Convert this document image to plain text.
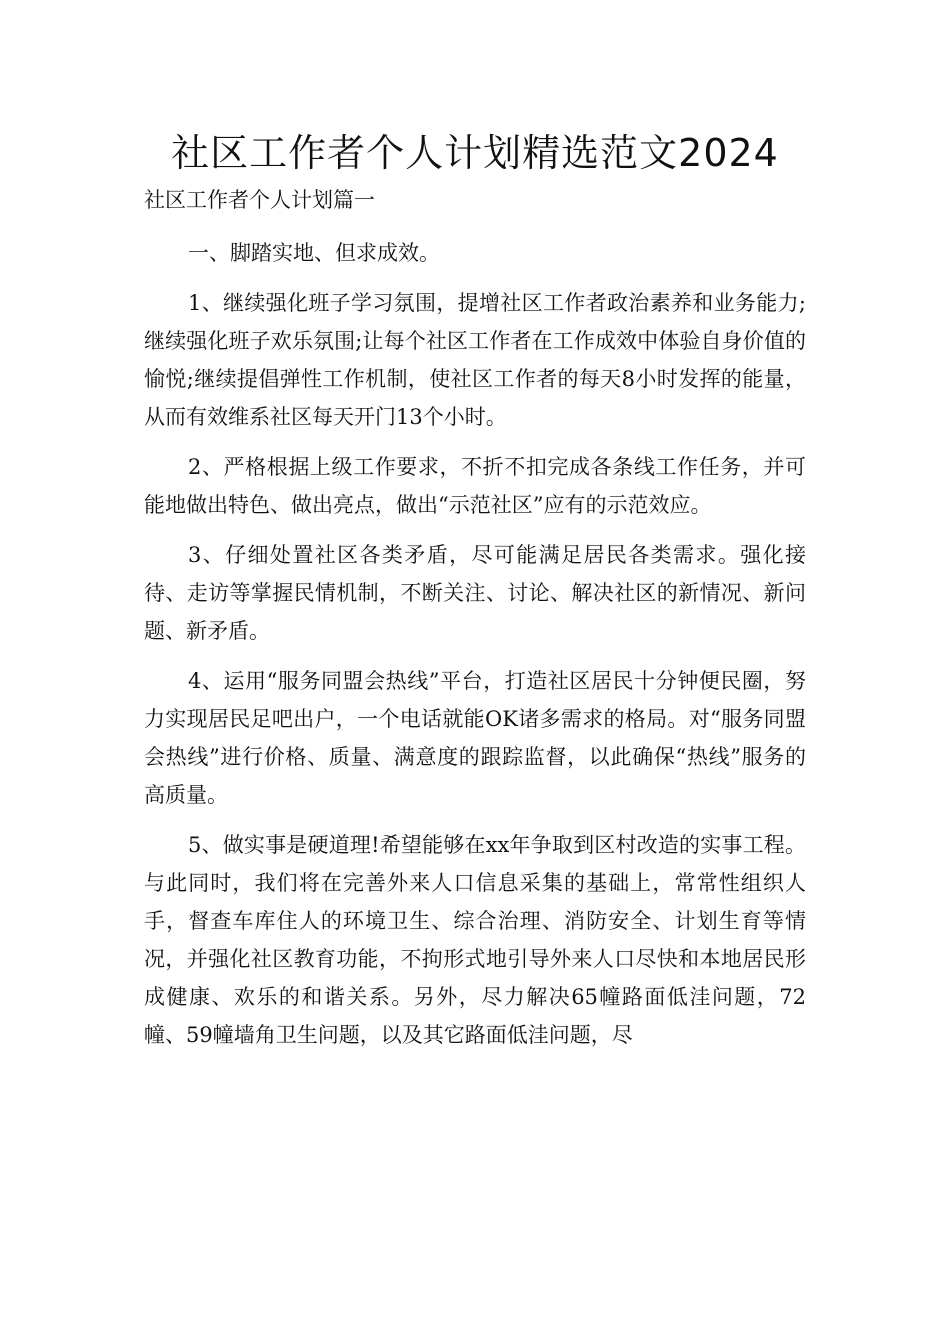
社区工作者个人计划精选范文2024
社区工作者个人计划篇一

一、脚踏实地、但求成效。

1、继续强化班子学习氛围，提增社区工作者政治素养和业务能力;继续强化班子欢乐氛围;让每个社区工作者在工作成效中体验自身价值的愉悦;继续提倡弹性工作机制，使社区工作者的每天8小时发挥的能量，从而有效维系社区每天开门13个小时。

2、严格根据上级工作要求，不折不扣完成各条线工作任务，并可能地做出特色、做出亮点，做出“示范社区”应有的示范效应。

3、仔细处置社区各类矛盾，尽可能满足居民各类需求。强化接待、走访等掌握民情机制，不断关注、讨论、解决社区的新情况、新问题、新矛盾。

4、运用“服务同盟会热线”平台，打造社区居民十分钟便民圈，努力实现居民足吧出户，一个电话就能OK诸多需求的格局。对“服务同盟会热线”进行价格、质量、满意度的跟踪监督，以此确保“热线”服务的高质量。

5、做实事是硬道理!希望能够在xx年争取到区村改造的实事工程。与此同时，我们将在完善外来人口信息采集的基础上，常常性组织人手，督查车库住人的环境卫生、综合治理、消防安全、计划生育等情况，并强化社区教育功能，不拘形式地引导外来人口尽快和本地居民形成健康、欢乐的和谐关系。另外，尽力解决65幢路面低洼问题，72幢、59幢墙角卫生问题，以及其它路面低洼问题，尽
